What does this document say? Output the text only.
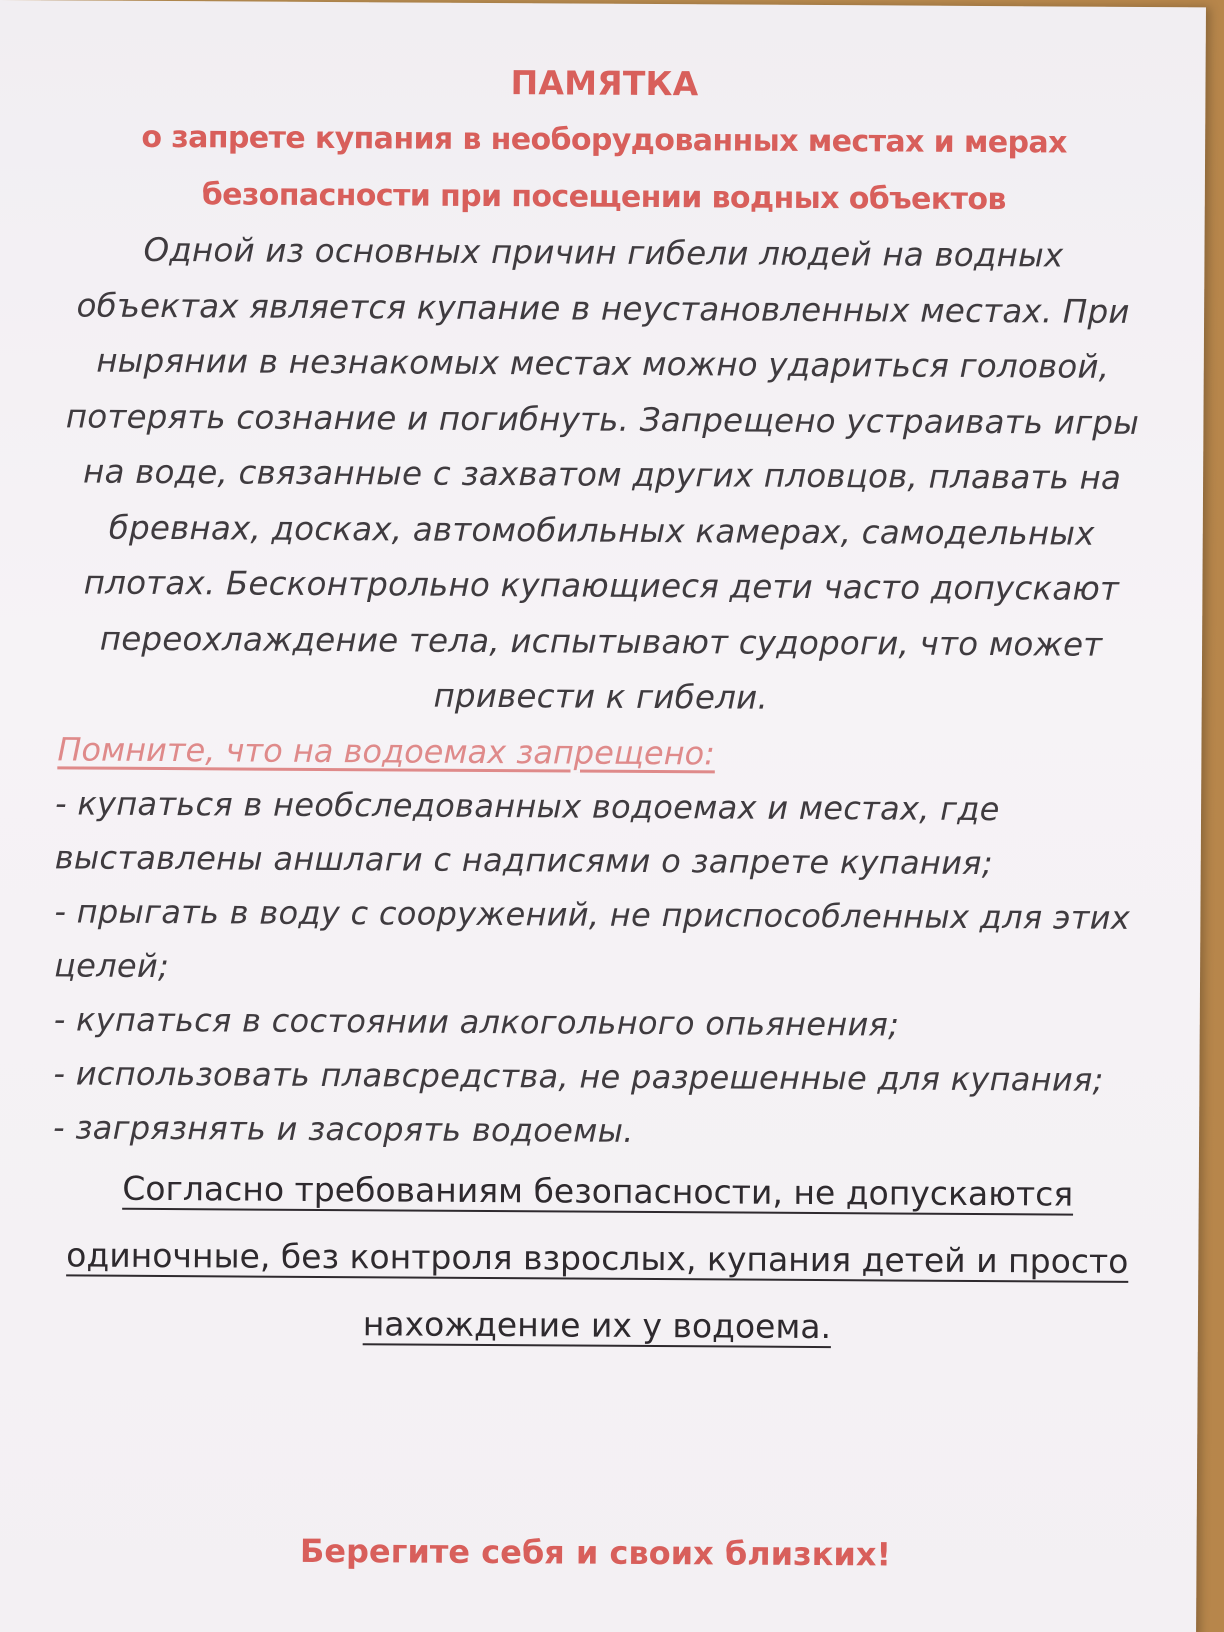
ПАМЯТКА
о запрете купания в необорудованных местах и мерах безопасности при посещении водных объектов

Одной из основных причин гибели людей на водных объектах является купание в неустановленных местах. При нырянии в незнакомых местах можно удариться головой, потерять сознание и погибнуть. Запрещено устраивать игры на воде, связанные с захватом других пловцов, плавать на бревнах, досках, автомобильных камерах, самодельных плотах. Бесконтрольно купающиеся дети часто допускают переохлаждение тела, испытывают судороги, что может привести к гибели.

Помните, что на водоемах запрещено:

- купаться в необследованных водоемах и местах, где выставлены аншлаги с надписями о запрете купания;
- прыгать в воду с сооружений, не приспособленных для этих целей;
- купаться в состоянии алкогольного опьянения;
- использовать плавсредства, не разрешенные для купания;
- загрязнять и засорять водоемы.

Согласно требованиям безопасности, не допускаются одиночные, без контроля взрослых, купания детей и просто нахождение их у водоема.

Берегите себя и своих близких!
